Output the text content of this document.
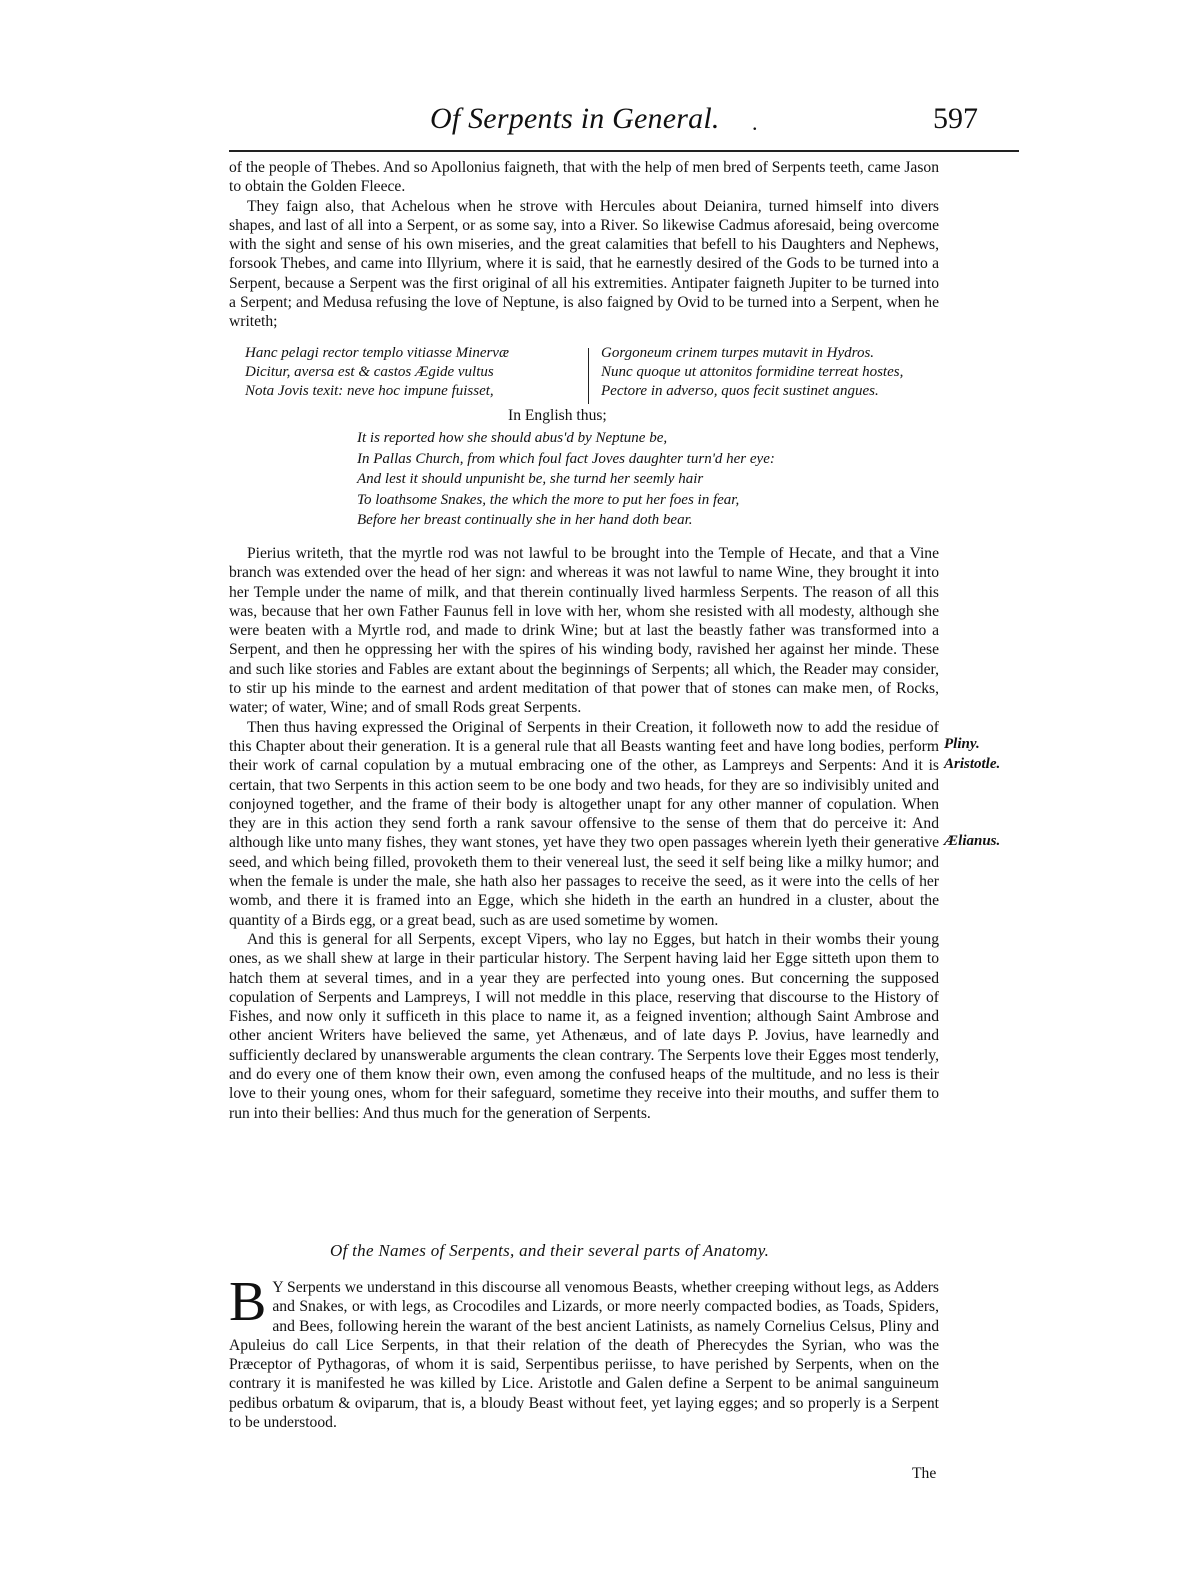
Of Serpents in General. .	597

of the people of Thebes. And so Apollonius faigneth, that with the help of men bred of Serpents teeth, came Jason to obtain the Golden Fleece.

They faign also, that Achelous when he strove with Hercules about Deianira, turned himself into divers shapes, and last of all into a Serpent, or as some say, into a River. So likewise Cadmus aforesaid, being overcome with the sight and sense of his own miseries, and the great calamities that befell to his Daughters and Nephews, forsook Thebes, and came into Illyrium, where it is said, that he earnestly desired of the Gods to be turned into a Serpent, because a Serpent was the first original of all his extremities. Antipater faigneth Jupiter to be turned into a Serpent; and Medusa refusing the love of Neptune, is also faigned by Ovid to be turned into a Serpent, when he writeth;

Hanc pelagi rector templo vitiasse Minervæ
Dicitur, aversa est & castos Ægide vultus
Nota Jovis texit: neve hoc impune fuisset,
Gorgoneum crinem turpes mutavit in Hydros.
Nunc quoque ut attonitos formidine terreat hostes,
Pectore in adverso, quos fecit sustinet angues.
In English thus;
It is reported how she should abus'd by Neptune be,
In Pallas Church, from which foul fact Joves daughter turn'd her eye:
And lest it should unpunisht be, she turnd her seemly hair
To loathsome Snakes, the which the more to put her foes in fear,
Before her breast continually she in her hand doth bear.

Pierius writeth, that the myrtle rod was not lawful to be brought into the Temple of Hecate, and that a Vine branch was extended over the head of her sign: and whereas it was not lawful to name Wine, they brought it into her Temple under the name of milk, and that therein continually lived harmless Serpents. The reason of all this was, because that her own Father Faunus fell in love with her, whom she resisted with all modesty, although she were beaten with a Myrtle rod, and made to drink Wine; but at last the beastly father was transformed into a Serpent, and then he oppressing her with the spires of his winding body, ravished her against her minde. These and such like stories and Fables are extant about the beginnings of Serpents; all which, the Reader may consider, to stir up his minde to the earnest and ardent meditation of that power that of stones can make men, of Rocks, water; of water, Wine; and of small Rods great Serpents.

Then thus having expressed the Original of Serpents in their Creation, it followeth now to add the residue of this Chapter about their generation. It is a general rule that all Beasts wanting feet and have long bodies, perform their work of carnal copulation by a mutual embracing one of the other, as Lampreys and Serpents: And it is certain, that two Serpents in this action seem to be one body and two heads, for they are so indivisibly united and conjoyned together, and the frame of their body is altogether unapt for any other manner of copulation. When they are in this action they send forth a rank savour offensive to the sense of them that do perceive it: And although like unto many fishes, they want stones, yet have they two open passages wherein lyeth their generative seed, and which being filled, provoketh them to their venereal lust, the seed it self being like a milky humor; and when the female is under the male, she hath also her passages to receive the seed, as it were into the cells of her womb, and there it is framed into an Egge, which she hideth in the earth an hundred in a cluster, about the quantity of a Birds egg, or a great bead, such as are used sometime by women.

And this is general for all Serpents, except Vipers, who lay no Egges, but hatch in their wombs their young ones, as we shall shew at large in their particular history. The Serpent having laid her Egge sitteth upon them to hatch them at several times, and in a year they are perfected into young ones. But concerning the supposed copulation of Serpents and Lampreys, I will not meddle in this place, reserving that discourse to the History of Fishes, and now only it sufficeth in this place to name it, as a feigned invention; although Saint Ambrose and other ancient Writers have believed the same, yet Athenæus, and of late days P. Jovius, have learnedly and sufficiently declared by unanswerable arguments the clean contrary. The Serpents love their Egges most tenderly, and do every one of them know their own, even among the confused heaps of the multitude, and no less is their love to their young ones, whom for their safeguard, sometime they receive into their mouths, and suffer them to run into their bellies: And thus much for the generation of Serpents.

Pliny.
Aristotle.
Ælianus.
Of the Names of Serpents, and their several parts of Anatomy.

B Y Serpents we understand in this discourse all venomous Beasts, whether creeping without legs, as Adders and Snakes, or with legs, as Crocodiles and Lizards, or more neerly compacted bodies, as Toads, Spiders, and Bees, following herein the warant of the best ancient Latinists, as namely Cornelius Celsus, Pliny and Apuleius do call Lice Serpents, in that their relation of the death of Pherecydes the Syrian, who was the Præceptor of Pythagoras, of whom it is said, Serpentibus periisse, to have perished by Serpents, when on the contrary it is manifested he was killed by Lice. Aristotle and Galen define a Serpent to be animal sanguineum pedibus orbatum & oviparum, that is, a bloudy Beast without feet, yet laying egges; and so properly is a Serpent to be understood.

The
